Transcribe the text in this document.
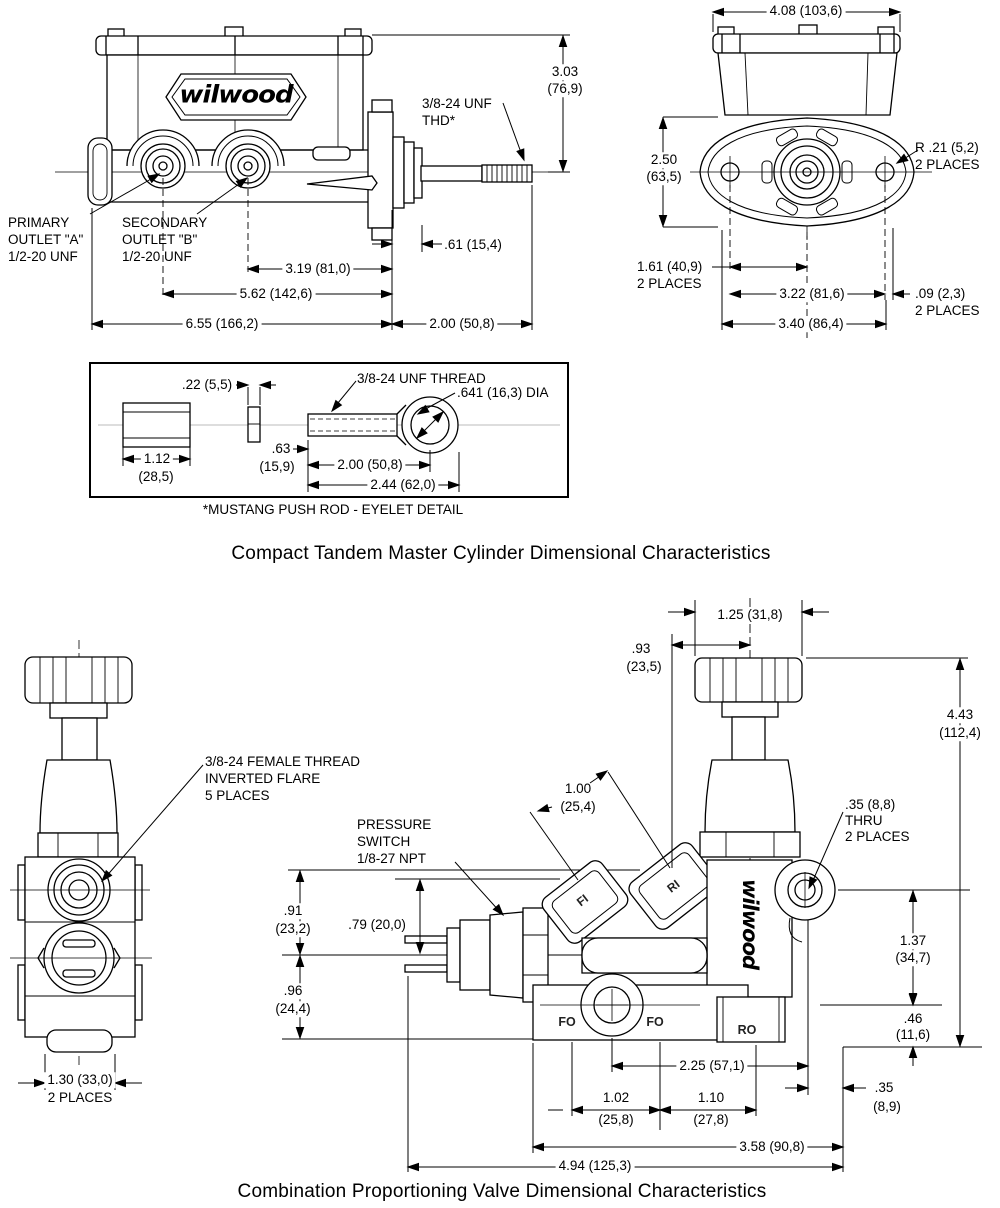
3.03
(76,9)
3/8-24 UNF
THD*
PRIMARY
OUTLET "A"
1/2-20 UNF
SECONDARY
OUTLET "B"
1/2-20 UNF
.61 (15,4)
3.19 (81,0)
5.62 (142,6)
6.55 (166,2)	2.00 (50,8)
wilwood
4.08 (103,6)
2.50
(63,5)
R .21 (5,2)
2 PLACES
1.61 (40,9)
2 PLACES
3.22 (81,6)	.09 (2,3)
2 PLACES
3.40 (86,4)
.22 (5,5)	3/8-24 UNF THREAD
.641 (16,3) DIA
1.12
(28,5)
.63
(15,9)	2.00 (50,8)
2.44 (62,0)
*MUSTANG PUSH ROD - EYELET DETAIL
Compact Tandem Master Cylinder Dimensional Characteristics
3/8-24 FEMALE THREAD
INVERTED FLARE
5 PLACES
.91
(23,2)
.96
(24,4)
1.30 (33,0)
2 PLACES
PRESSURE
SWITCH
1/8-27 NPT
.79 (20,0)
1.00
(25,4)
1.25 (31,8)
.93
(23,5)
4.43
(112,4)
.35 (8,8)
THRU
2 PLACES
1.37
(34,7)
.46
(11,6)
2.25 (57,1)
1.02
(25,8)
1.10
(27,8)
.35
(8,9)
3.58 (90,8)
4.94 (125,3)
FI
RI
FO	FO
RO
wilwood
Combination Proportioning Valve Dimensional Characteristics
